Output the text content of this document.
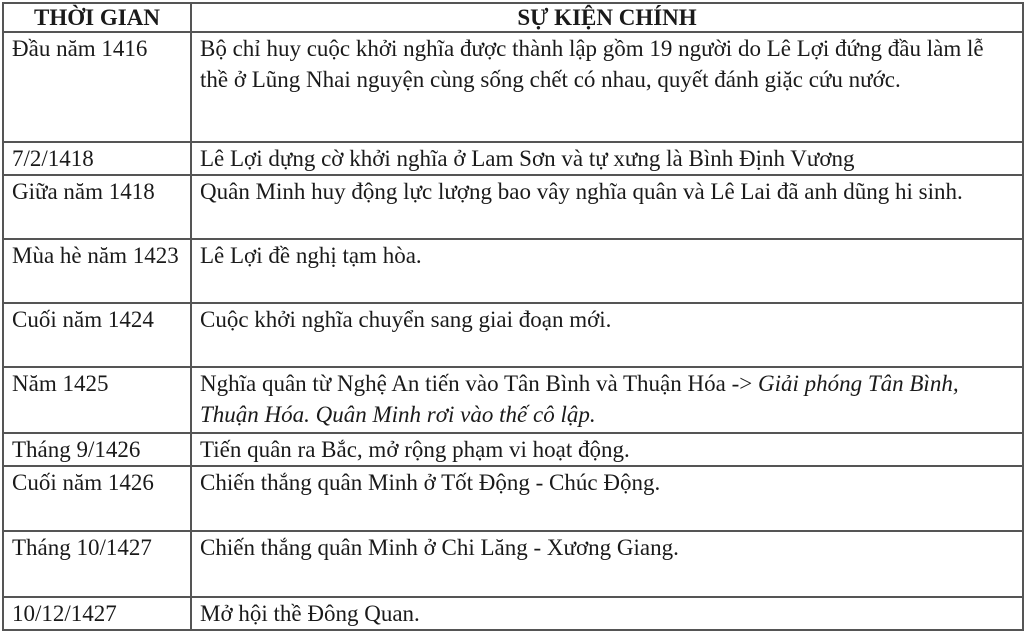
THỜI GIAN	SỰ KIỆN CHÍNH
Đầu năm 1416	Bộ chỉ huy cuộc khởi nghĩa được thành lập gồm 19 người do Lê Lợi đứng đầu làm lễ thề ở Lũng Nhai nguyện cùng sống chết có nhau, quyết đánh giặc cứu nước.
7/2/1418	Lê Lợi dựng cờ khởi nghĩa ở Lam Sơn và tự xưng là Bình Định Vương
Giữa năm 1418	Quân Minh huy động lực lượng bao vây nghĩa quân và Lê Lai đã anh dũng hi sinh.
Mùa hè năm 1423	Lê Lợi đề nghị tạm hòa.
Cuối năm 1424	Cuộc khởi nghĩa chuyển sang giai đoạn mới.
Năm 1425	Nghĩa quân từ Nghệ An tiến vào Tân Bình và Thuận Hóa -> Giải phóng Tân Bình, Thuận Hóa. Quân Minh rơi vào thế cô lập.
Tháng 9/1426	Tiến quân ra Bắc, mở rộng phạm vi hoạt động.
Cuối năm 1426	Chiến thắng quân Minh ở Tốt Động - Chúc Động.
Tháng 10/1427	Chiến thắng quân Minh ở Chi Lăng - Xương Giang.
10/12/1427	Mở hội thề Đông Quan.
